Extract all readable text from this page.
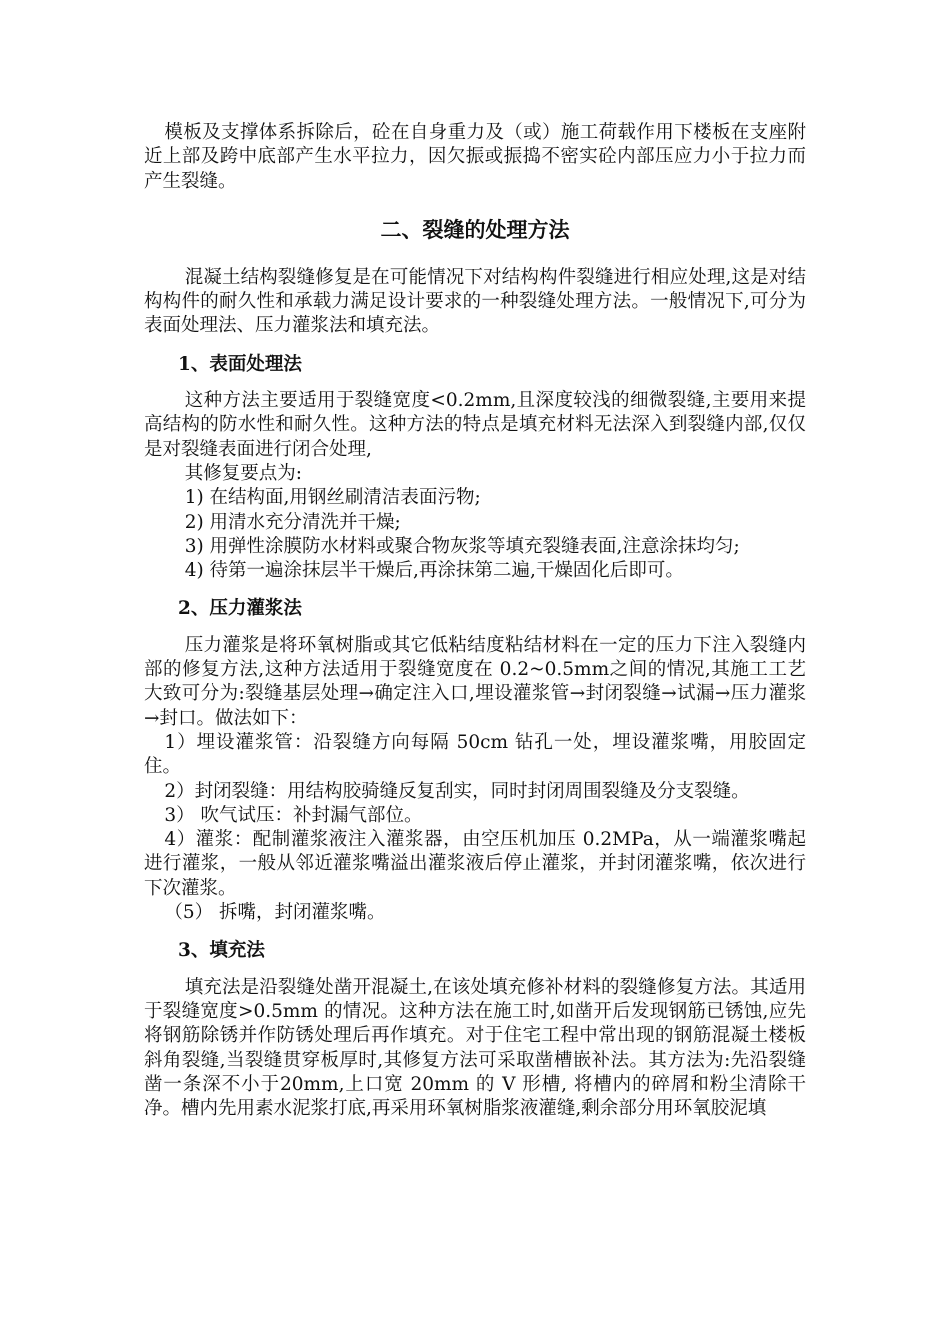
模板及支撑体系拆除后，砼在自身重力及（或）施工荷载作用下楼板在支座附近上部及跨中底部产生水平拉力，因欠振或振捣不密实砼内部压应力小于拉力而产生裂缝。

二、裂缝的处理方法

混凝土结构裂缝修复是在可能情况下对结构构件裂缝进行相应处理,这是对结构构件的耐久性和承载力满足设计要求的一种裂缝处理方法。一般情况下,可分为表面处理法、压力灌浆法和填充法。

1、表面处理法

这种方法主要适用于裂缝宽度<0.2mm,且深度较浅的细微裂缝,主要用来提高结构的防水性和耐久性。这种方法的特点是填充材料无法深入到裂缝内部,仅仅是对裂缝表面进行闭合处理,

其修复要点为:

1) 在结构面,用钢丝刷清洁表面污物;

2) 用清水充分清洗并干燥;

3) 用弹性涂膜防水材料或聚合物灰浆等填充裂缝表面,注意涂抹均匀;

4) 待第一遍涂抹层半干燥后,再涂抹第二遍,干燥固化后即可。

2、压力灌浆法

压力灌浆是将环氧树脂或其它低粘结度粘结材料在一定的压力下注入裂缝内部的修复方法,这种方法适用于裂缝宽度在 0.2~0.5mm之间的情况,其施工工艺大致可分为:裂缝基层处理→确定注入口,埋设灌浆管→封闭裂缝→试漏→压力灌浆→封口。做法如下：

1）埋设灌浆管：沿裂缝方向每隔 50cm 钻孔一处，埋设灌浆嘴，用胶固定住。

2）封闭裂缝：用结构胶骑缝反复刮实，同时封闭周围裂缝及分支裂缝。

3） 吹气试压：补封漏气部位。

4）灌浆：配制灌浆液注入灌浆器，由空压机加压 0.2MPa，从一端灌浆嘴起进行灌浆，一般从邻近灌浆嘴溢出灌浆液后停止灌浆，并封闭灌浆嘴，依次进行下次灌浆。

（5） 拆嘴，封闭灌浆嘴。

3、填充法

填充法是沿裂缝处凿开混凝土,在该处填充修补材料的裂缝修复方法。其适用于裂缝宽度>0.5mm 的情况。这种方法在施工时,如凿开后发现钢筋已锈蚀,应先将钢筋除锈并作防锈处理后再作填充。对于住宅工程中常出现的钢筋混凝土楼板斜角裂缝,当裂缝贯穿板厚时,其修复方法可采取凿槽嵌补法。其方法为:先沿裂缝凿一条深不小于20mm,上口宽 20mm 的 V 形槽, 将槽内的碎屑和粉尘清除干净。槽内先用素水泥浆打底,再采用环氧树脂浆液灌缝,剩余部分用环氧胶泥填
